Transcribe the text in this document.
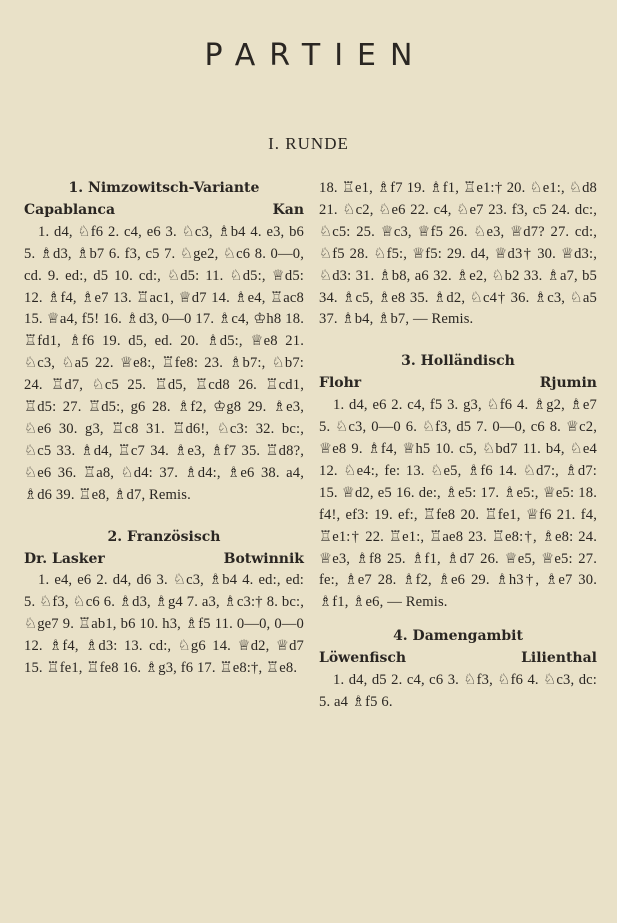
PARTIEN
I. RUNDE
1. Nimzowitsch-Variante
Capablanca	Kan
1. d4, ♘f6 2. c4, e6 3. ♘c3, ♗b4 4. e3, b6 5. ♗d3, ♗b7 6. f3, c5 7. ♘ge2, ♘c6 8. 0—0, cd. 9. ed:, d5 10. cd:, ♘d5: 11. ♘d5:, ♕d5: 12. ♗f4, ♗e7 13. ♖ac1, ♕d7 14. ♗e4, ♖ac8 15. ♕a4, f5! 16. ♗d3, 0—0 17. ♗c4, ♔h8 18. ♖fd1, ♗f6 19. d5, ed. 20. ♗d5:, ♕e8 21. ♘c3, ♘a5 22. ♕e8:, ♖fe8: 23. ♗b7:, ♘b7: 24. ♖d7, ♘c5 25. ♖d5, ♖cd8 26. ♖cd1, ♖d5: 27. ♖d5:, g6 28. ♗f2, ♔g8 29. ♗e3, ♘e6 30. g3, ♖c8 31. ♖d6!, ♘c3: 32. bc:, ♘c5 33. ♗d4, ♖c7 34. ♗e3, ♗f7 35. ♖d8?, ♘e6 36. ♖a8, ♘d4: 37. ♗d4:, ♗e6 38. a4, ♗d6 39. ♖e8, ♗d7, Remis.
2. Französisch
Dr. Lasker	Botwinnik
1. e4, e6 2. d4, d6 3. ♘c3, ♗b4 4. ed:, ed: 5. ♘f3, ♘c6 6. ♗d3, ♗g4 7. a3, ♗c3:† 8. bc:, ♘ge7 9. ♖ab1, b6 10. h3, ♗f5 11. 0—0, 0—0 12. ♗f4, ♗d3: 13. cd:, ♘g6 14. ♕d2, ♕d7 15. ♖fe1, ♖fe8 16. ♗g3, f6 17. ♖e8:†, ♖e8.
18. ♖e1, ♗f7 19. ♗f1, ♖e1:† 20. ♘e1:, ♘d8 21. ♘c2, ♘e6 22. c4, ♘e7 23. f3, c5 24. dc:, ♘c5: 25. ♕c3, ♕f5 26. ♘e3, ♕d7? 27. cd:, ♘f5 28. ♘f5:, ♕f5: 29. d4, ♕d3† 30. ♕d3:, ♘d3: 31. ♗b8, a6 32. ♗e2, ♘b2 33. ♗a7, b5 34. ♗c5, ♗e8 35. ♗d2, ♘c4† 36. ♗c3, ♘a5 37. ♗b4, ♗b7, — Remis.
3. Holländisch
Flohr	Rjumin
1. d4, e6 2. c4, f5 3. g3, ♘f6 4. ♗g2, ♗e7 5. ♘c3, 0—0 6. ♘f3, d5 7. 0—0, c6 8. ♕c2, ♕e8 9. ♗f4, ♕h5 10. c5, ♘bd7 11. b4, ♘e4 12. ♘e4:, fe: 13. ♘e5, ♗f6 14. ♘d7:, ♗d7: 15. ♕d2, e5 16. de:, ♗e5: 17. ♗e5:, ♕e5: 18. f4!, ef3: 19. ef:, ♖fe8 20. ♖fe1, ♕f6 21. f4, ♖e1:† 22. ♖e1:, ♖ae8 23. ♖e8:†, ♗e8: 24. ♕e3, ♗f8 25. ♗f1, ♗d7 26. ♕e5, ♕e5: 27. fe:, ♗e7 28. ♗f2, ♗e6 29. ♗h3†, ♗e7 30. ♗f1, ♗e6, — Remis.
4. Damengambit
Löwenfisch	Lilienthal
1. d4, d5 2. c4, c6 3. ♘f3, ♘f6 4. ♘c3, dc: 5. a4 ♗f5 6.
